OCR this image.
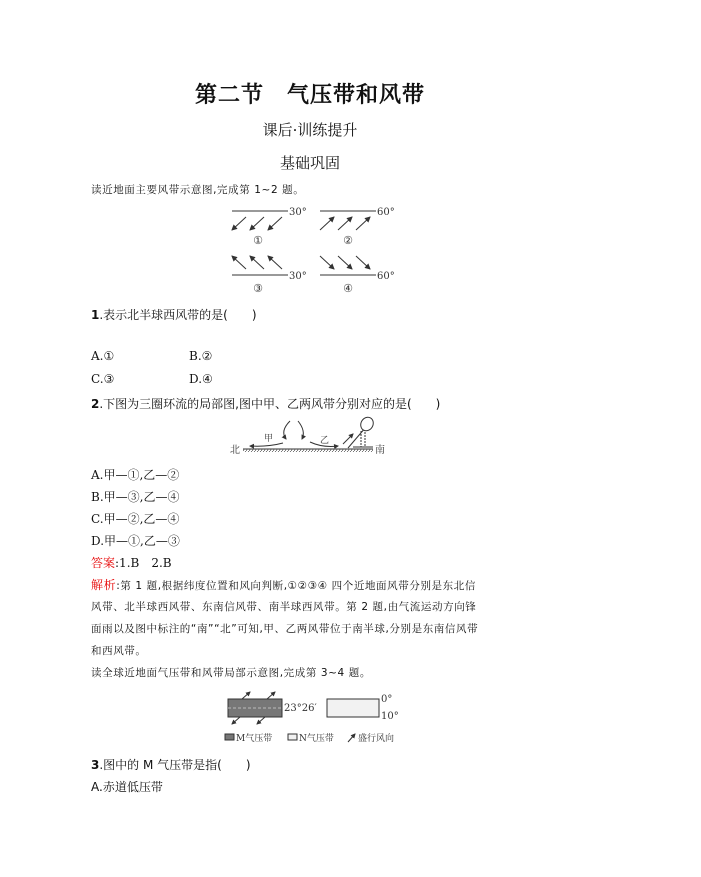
第二节　气压带和风带
课后·训练提升
基础巩固
读近地面主要风带示意图,完成第 1~2 题。
30°
①
60°
②
30°
③
60°
④
1.表示北半球西风带的是(　　)
A.①	B.②
C.③	D.④
2.下图为三圈环流的局部图,图中甲、乙两风带分别对应的是(　　)
北	南
甲	乙
A.甲—①,乙—②
B.甲—③,乙—④
C.甲—②,乙—④
D.甲—①,乙—③
答案:1.B　2.B
解析:第 1 题,根据纬度位置和风向判断,①②③④ 四个近地面风带分别是东北信
风带、北半球西风带、东南信风带、南半球西风带。第 2 题,由气流运动方向锋
面雨以及图中标注的“南”“北”可知,甲、乙两风带位于南半球,分别是东南信风带
和西风带。
读全球近地面气压带和风带局部示意图,完成第 3~4 题。
23°26′
0°
10°
M气压带	N气压带	盛行风向
3.图中的 M 气压带是指(　　)
A.赤道低压带
